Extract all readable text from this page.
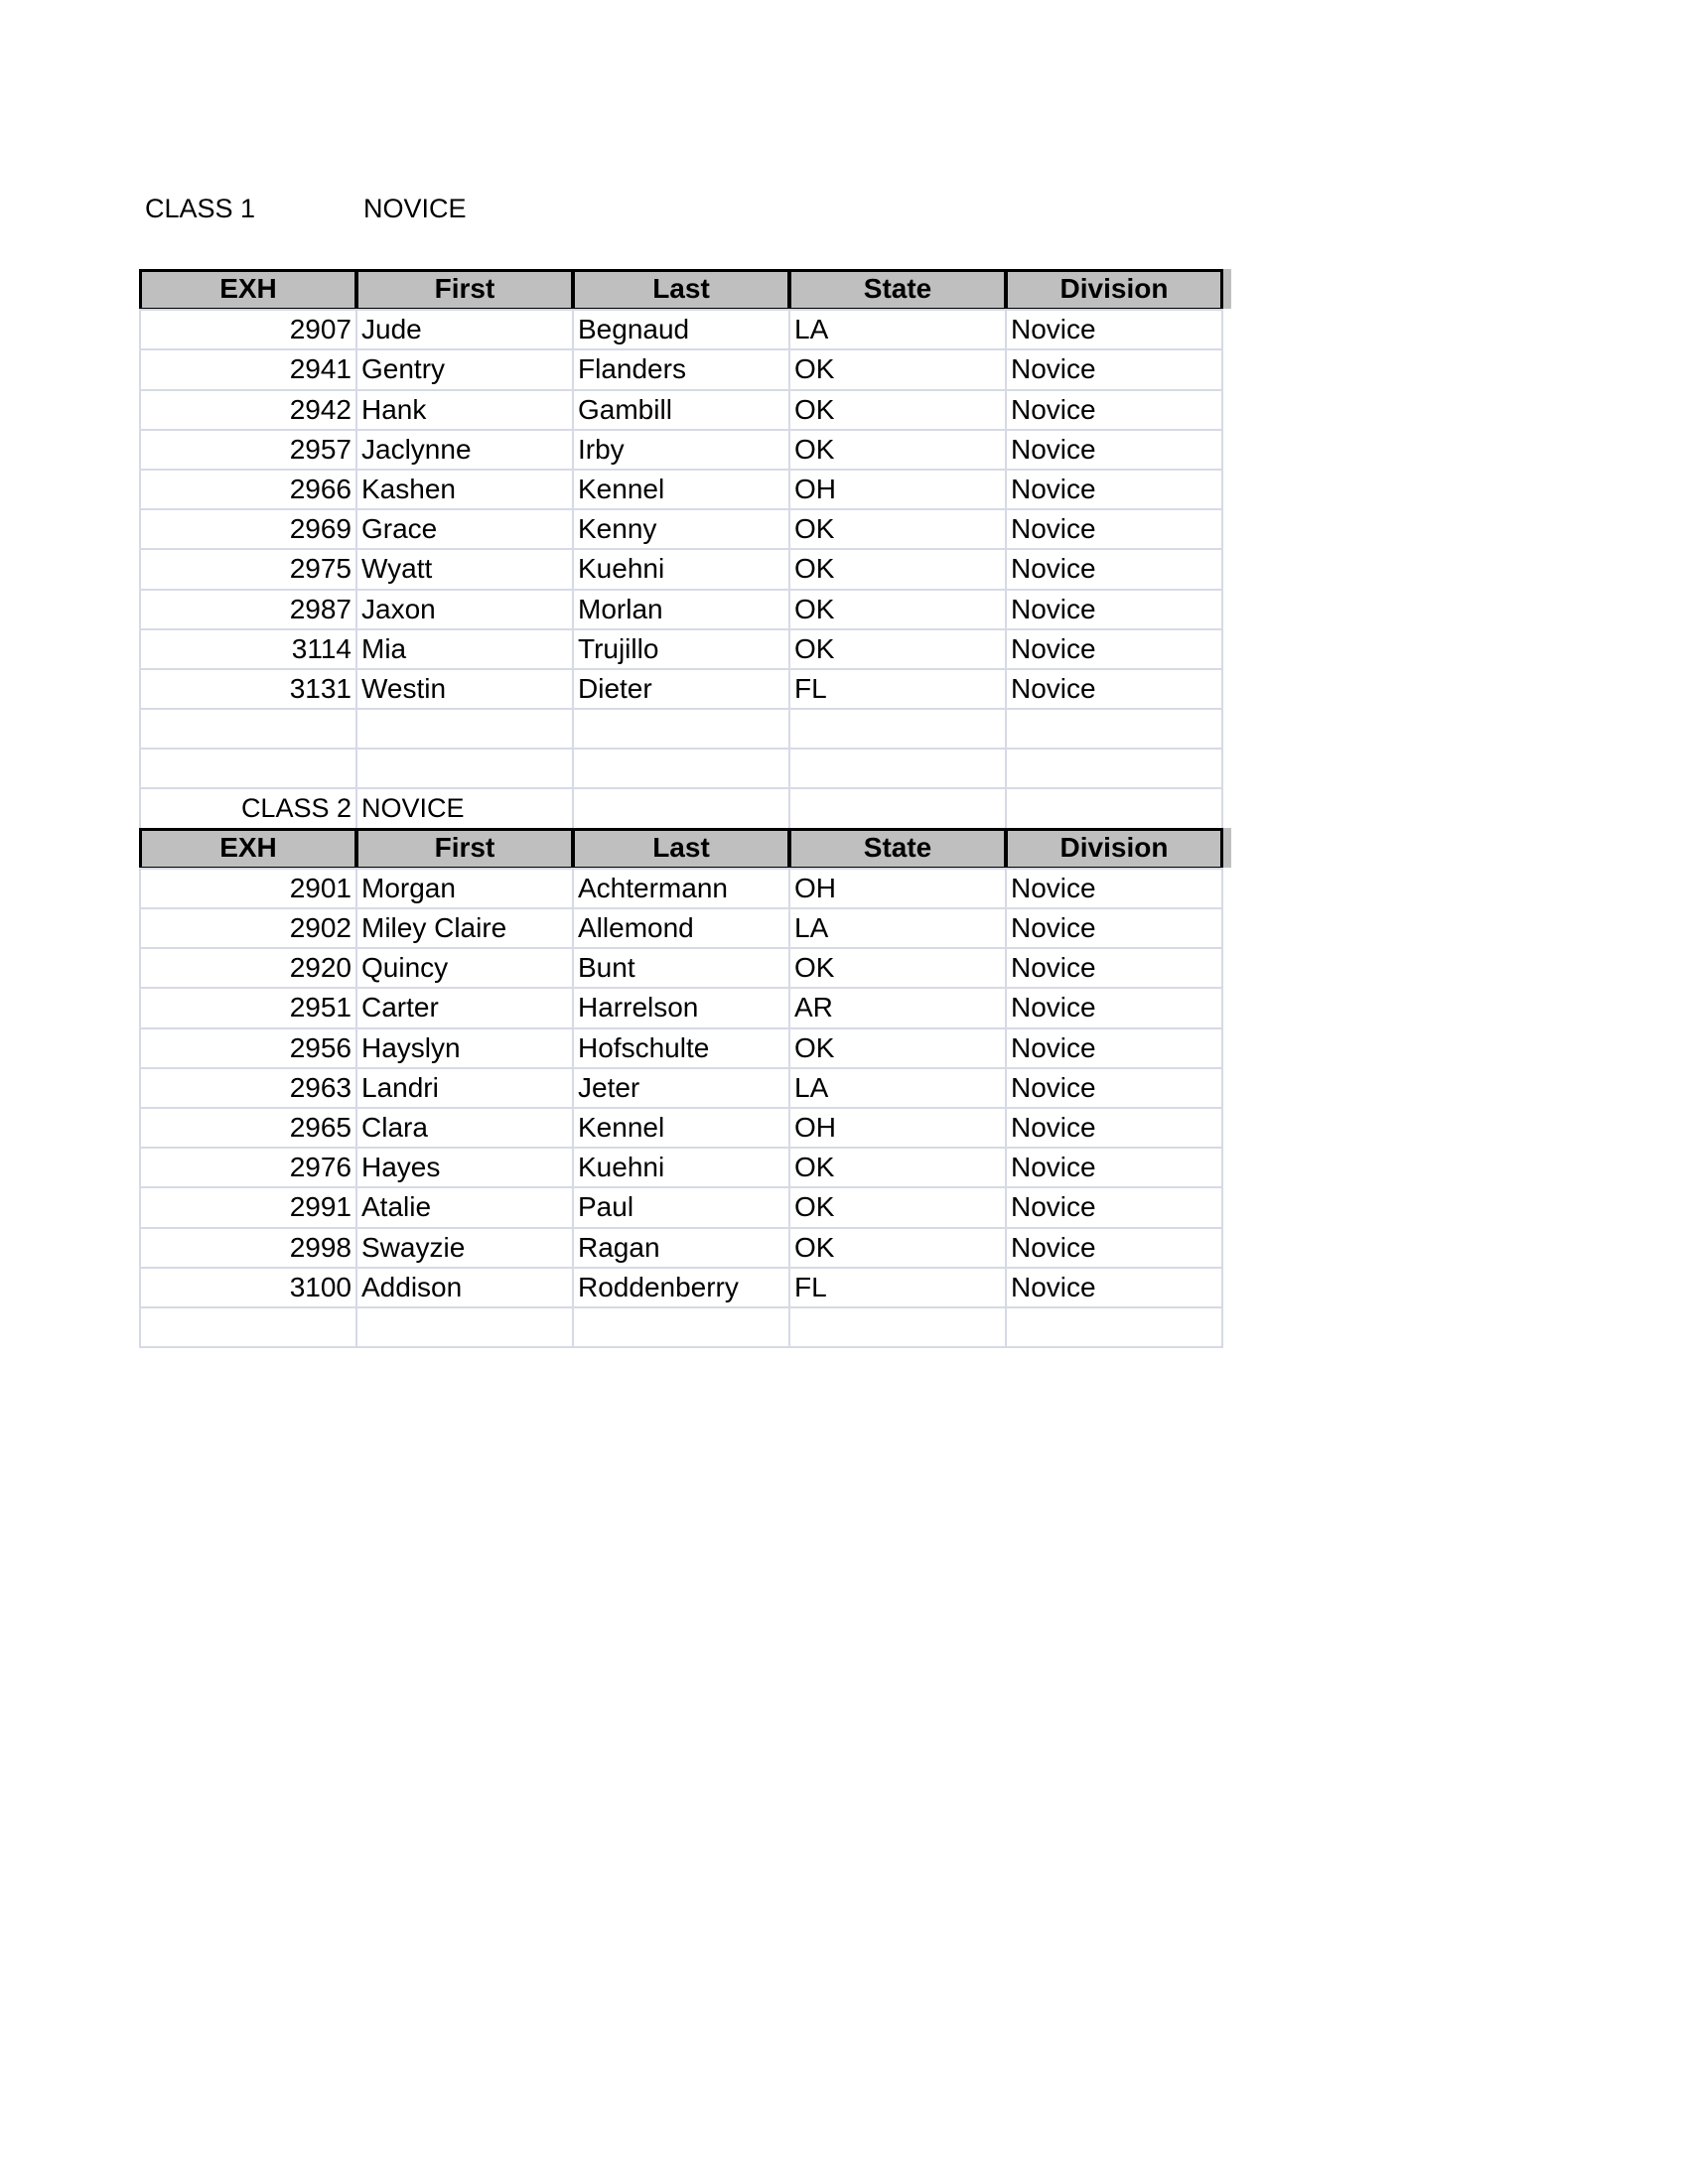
CLASS 1	NOVICE
EXH	First	Last	State	Division
2907 Jude	Begnaud	LA	Novice
2941 Gentry	Flanders	OK	Novice
2942 Hank	Gambill	OK	Novice
2957 Jaclynne	Irby	OK	Novice
2966 Kashen	Kennel	OH	Novice
2969 Grace	Kenny	OK	Novice
2975 Wyatt	Kuehni	OK	Novice
2987 Jaxon	Morlan	OK	Novice
3114 Mia	Trujillo	OK	Novice
3131 Westin	Dieter	FL	Novice
CLASS 2 NOVICE
EXH	First	Last	State	Division
2901 Morgan	Achtermann	OH	Novice
2902 Miley Claire	Allemond	LA	Novice
2920 Quincy	Bunt	OK	Novice
2951 Carter	Harrelson	AR	Novice
2956 Hayslyn	Hofschulte	OK	Novice
2963 Landri	Jeter	LA	Novice
2965 Clara	Kennel	OH	Novice
2976 Hayes	Kuehni	OK	Novice
2991 Atalie	Paul	OK	Novice
2998 Swayzie	Ragan	OK	Novice
3100 Addison	Roddenberry	FL	Novice
